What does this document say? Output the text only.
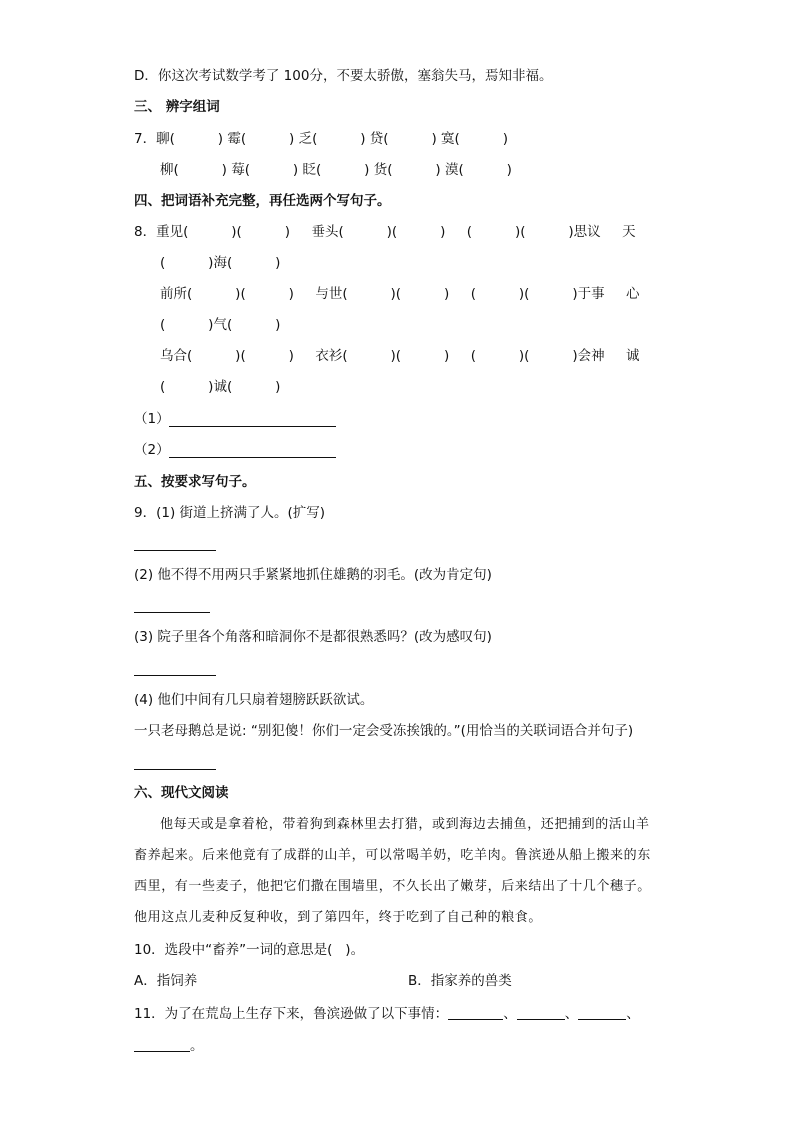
D．你这次考试数学考了 100分，不要太骄傲，塞翁失马，焉知非福。
三、 辨字组词
7．聊(          ) 霉(          ) 乏(          ) 贷(          ) 寞(          )
柳(          ) 莓(          ) 眨(          ) 货(          ) 漠(          )
四、把词语补充完整，再任选两个写句子。
8．重见(          )(          )     垂头(          )(          )     (          )(          )思议     天
(          )海(          )
前所(          )(          )     与世(          )(          )     (          )(          )于事     心
(          )气(          )
乌合(          )(          )     衣衫(          )(          )     (          )(          )会神     诚
(          )诚(          )
（1）
（2）
五、按要求写句子。
9．(1) 街道上挤满了人。(扩写)
(2) 他不得不用两只手紧紧地抓住雄鹅的羽毛。(改为肯定句)
(3) 院子里各个角落和暗洞你不是都很熟悉吗？(改为感叹句)
(4) 他们中间有几只扇着翅膀跃跃欲试。
一只老母鹅总是说: “别犯傻！你们一定会受冻挨饿的。”(用恰当的关联词语合并句子)
六、现代文阅读
他每天或是拿着枪，带着狗到森林里去打猎，或到海边去捕鱼，还把捕到的活山羊
畜养起来。后来他竟有了成群的山羊，可以常喝羊奶，吃羊肉。鲁滨逊从船上搬来的东
西里，有一些麦子，他把它们撒在围墙里，不久长出了嫩芽，后来结出了十几个穗子。
他用这点儿麦种反复种收，到了第四年，终于吃到了自己种的粮食。
10．选段中“畜养”一词的意思是(   )。
A．指饲养	B．指家养的兽类
11．为了在荒岛上生存下来，鲁滨逊做了以下事情：	、	、	、
。
